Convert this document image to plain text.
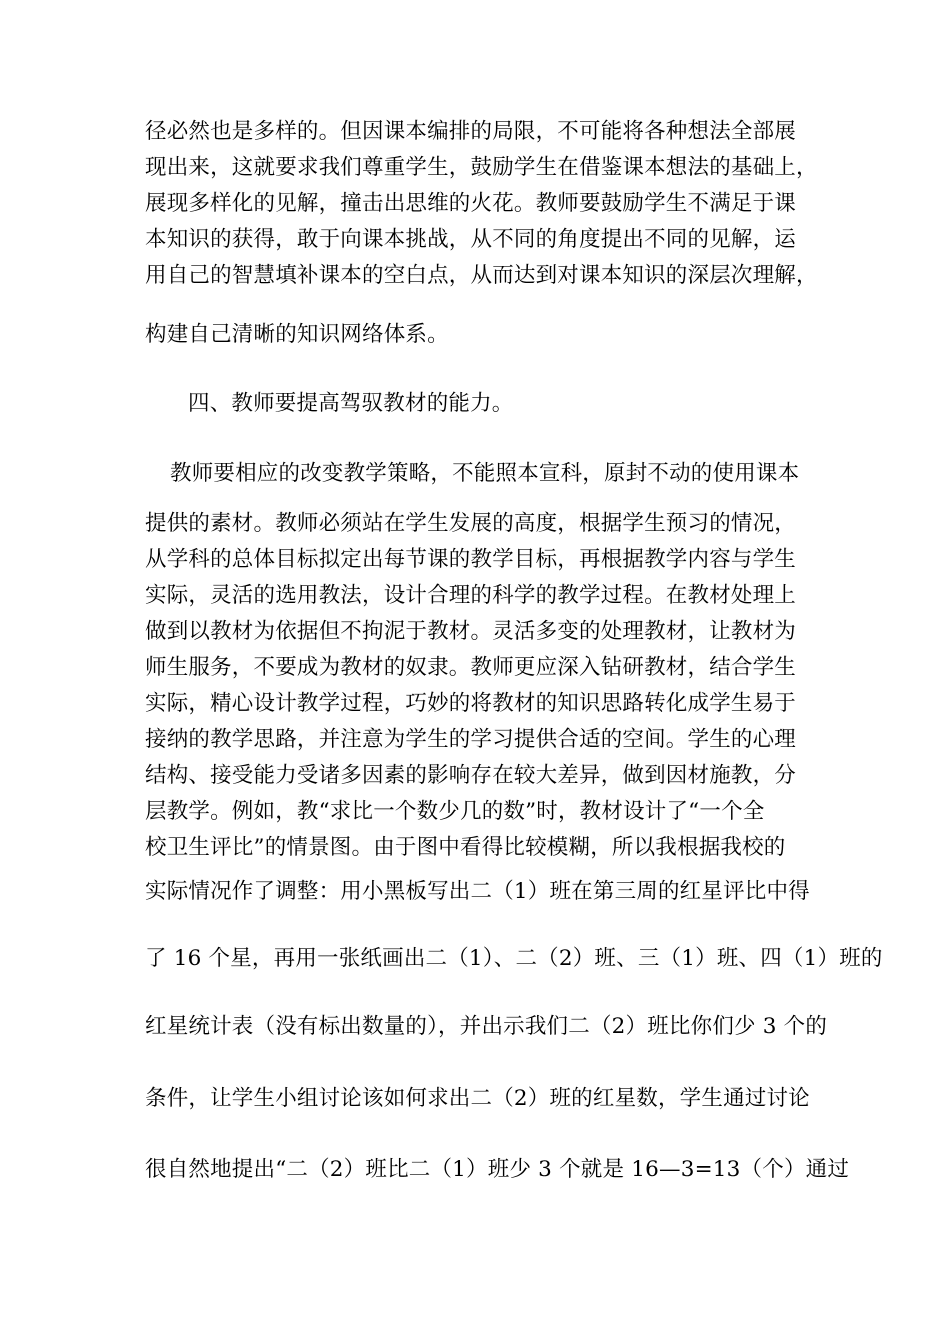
径必然也是多样的。但因课本编排的局限，不可能将各种想法全部展
现出来，这就要求我们尊重学生，鼓励学生在借鉴课本想法的基础上，
展现多样化的见解，撞击出思维的火花。教师要鼓励学生不满足于课
本知识的获得，敢于向课本挑战，从不同的角度提出不同的见解，运
用自己的智慧填补课本的空白点，从而达到对课本知识的深层次理解，
构建自己清晰的知识网络体系。
四、教师要提高驾驭教材的能力。
教师要相应的改变教学策略，不能照本宣科，原封不动的使用课本
提供的素材。教师必须站在学生发展的高度，根据学生预习的情况，
从学科的总体目标拟定出每节课的教学目标，再根据教学内容与学生
实际，灵活的选用教法，设计合理的科学的教学过程。在教材处理上
做到以教材为依据但不拘泥于教材。灵活多变的处理教材，让教材为
师生服务，不要成为教材的奴隶。教师更应深入钻研教材，结合学生
实际，精心设计教学过程，巧妙的将教材的知识思路转化成学生易于
接纳的教学思路，并注意为学生的学习提供合适的空间。学生的心理
结构、接受能力受诸多因素的影响存在较大差异，做到因材施教，分
层教学。例如，教“求比一个数少几的数”时，教材设计了“一个全
校卫生评比”的情景图。由于图中看得比较模糊，所以我根据我校的
实际情况作了调整：用小黑板写出二（1）班在第三周的红星评比中得
了 16 个星，再用一张纸画出二（1）、二（2）班、三（1）班、四（1）班的
红星统计表（没有标出数量的），并出示我们二（2）班比你们少 3 个的
条件，让学生小组讨论该如何求出二（2）班的红星数，学生通过讨论
很自然地提出“二（2）班比二（1）班少 3 个就是 16—3=13（个）通过
